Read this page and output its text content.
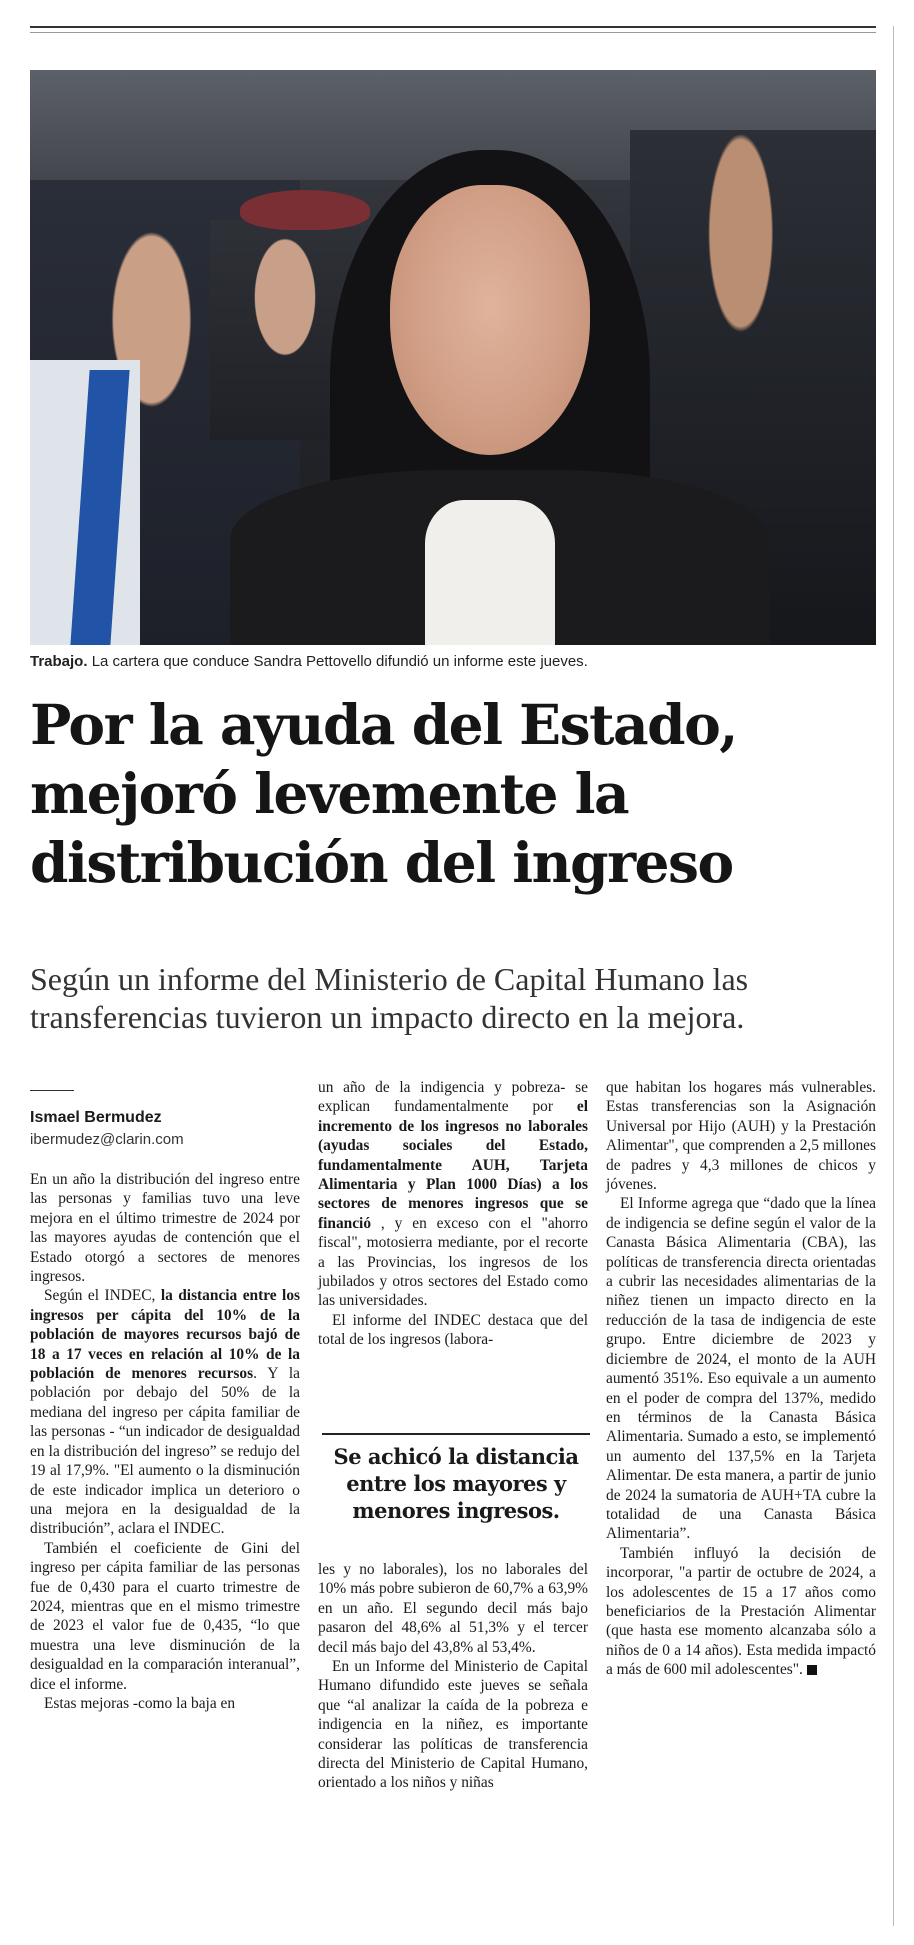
Trabajo. La cartera que conduce Sandra Pettovello difundió un informe este jueves.
Por la ayuda del Estado,
mejoró levemente la
distribución del ingreso

Según un informe del Ministerio de Capital Humano las transferencias tuvieron un impacto directo en la mejora.

Ismael Bermudez
ibermudez@clarin.com

En un año la distribución del ingreso entre las personas y familias tuvo una leve mejora en el último trimestre de 2024 por las mayores ayudas de contención que el Estado otorgó a sectores de menores ingresos.

Según el INDEC, la distancia entre los ingresos per cápita del 10% de la población de mayores recursos bajó de 18 a 17 veces en relación al 10% de la población de menores recursos. Y la población por debajo del 50% de la mediana del ingreso per cápita familiar de las personas - “un indicador de desigualdad en la distribución del ingreso” se redujo del 19 al 17,9%. "El aumento o la disminución de este indicador implica un deterioro o una mejora en la desigualdad de la distribución”, aclara el INDEC.

También el coeficiente de Gini del ingreso per cápita familiar de las personas fue de 0,430 para el cuarto trimestre de 2024, mientras que en el mismo trimestre de 2023 el valor fue de 0,435, “lo que muestra una leve disminución de la desigualdad en la comparación interanual”, dice el informe.

Estas mejoras -como la baja en

un año de la indigencia y pobreza- se explican fundamentalmente por el incremento de los ingresos no laborales (ayudas sociales del Estado, fundamentalmente AUH, Tarjeta Alimentaria y Plan 1000 Días) a los sectores de menores ingresos que se financió , y en exceso con el "ahorro fiscal", motosierra mediante, por el recorte a las Provincias, los ingresos de los jubilados y otros sectores del Estado como las universidades.

El informe del INDEC destaca que del total de los ingresos (labora-

Se achicó la distancia entre los mayores y menores ingresos.

les y no laborales), los no laborales del 10% más pobre subieron de 60,7% a 63,9% en un año. El segundo decil más bajo pasaron del 48,6% al 51,3% y el tercer decil más bajo del 43,8% al 53,4%.

En un Informe del Ministerio de Capital Humano difundido este jueves se señala que “al analizar la caída de la pobreza e indigencia en la niñez, es importante considerar las políticas de transferencia directa del Ministerio de Capital Humano, orientado a los niños y niñas

que habitan los hogares más vulnerables. Estas transferencias son la Asignación Universal por Hijo (AUH) y la Prestación Alimentar", que comprenden a 2,5 millones de padres y 4,3 millones de chicos y jóvenes.

El Informe agrega que “dado que la línea de indigencia se define según el valor de la Canasta Básica Alimentaria (CBA), las políticas de transferencia directa orientadas a cubrir las necesidades alimentarias de la niñez tienen un impacto directo en la reducción de la tasa de indigencia de este grupo. Entre diciembre de 2023 y diciembre de 2024, el monto de la AUH aumentó 351%. Eso equivale a un aumento en el poder de compra del 137%, medido en términos de la Canasta Básica Alimentaria. Sumado a esto, se implementó un aumento del 137,5% en la Tarjeta Alimentar. De esta manera, a partir de junio de 2024 la sumatoria de AUH+TA cubre la totalidad de una Canasta Básica Alimentaria”.

También influyó la decisión de incorporar, "a partir de octubre de 2024, a los adolescentes de 15 a 17 años como beneficiarios de la Prestación Alimentar (que hasta ese momento alcanzaba sólo a niños de 0 a 14 años). Esta medida impactó a más de 600 mil adolescentes".
